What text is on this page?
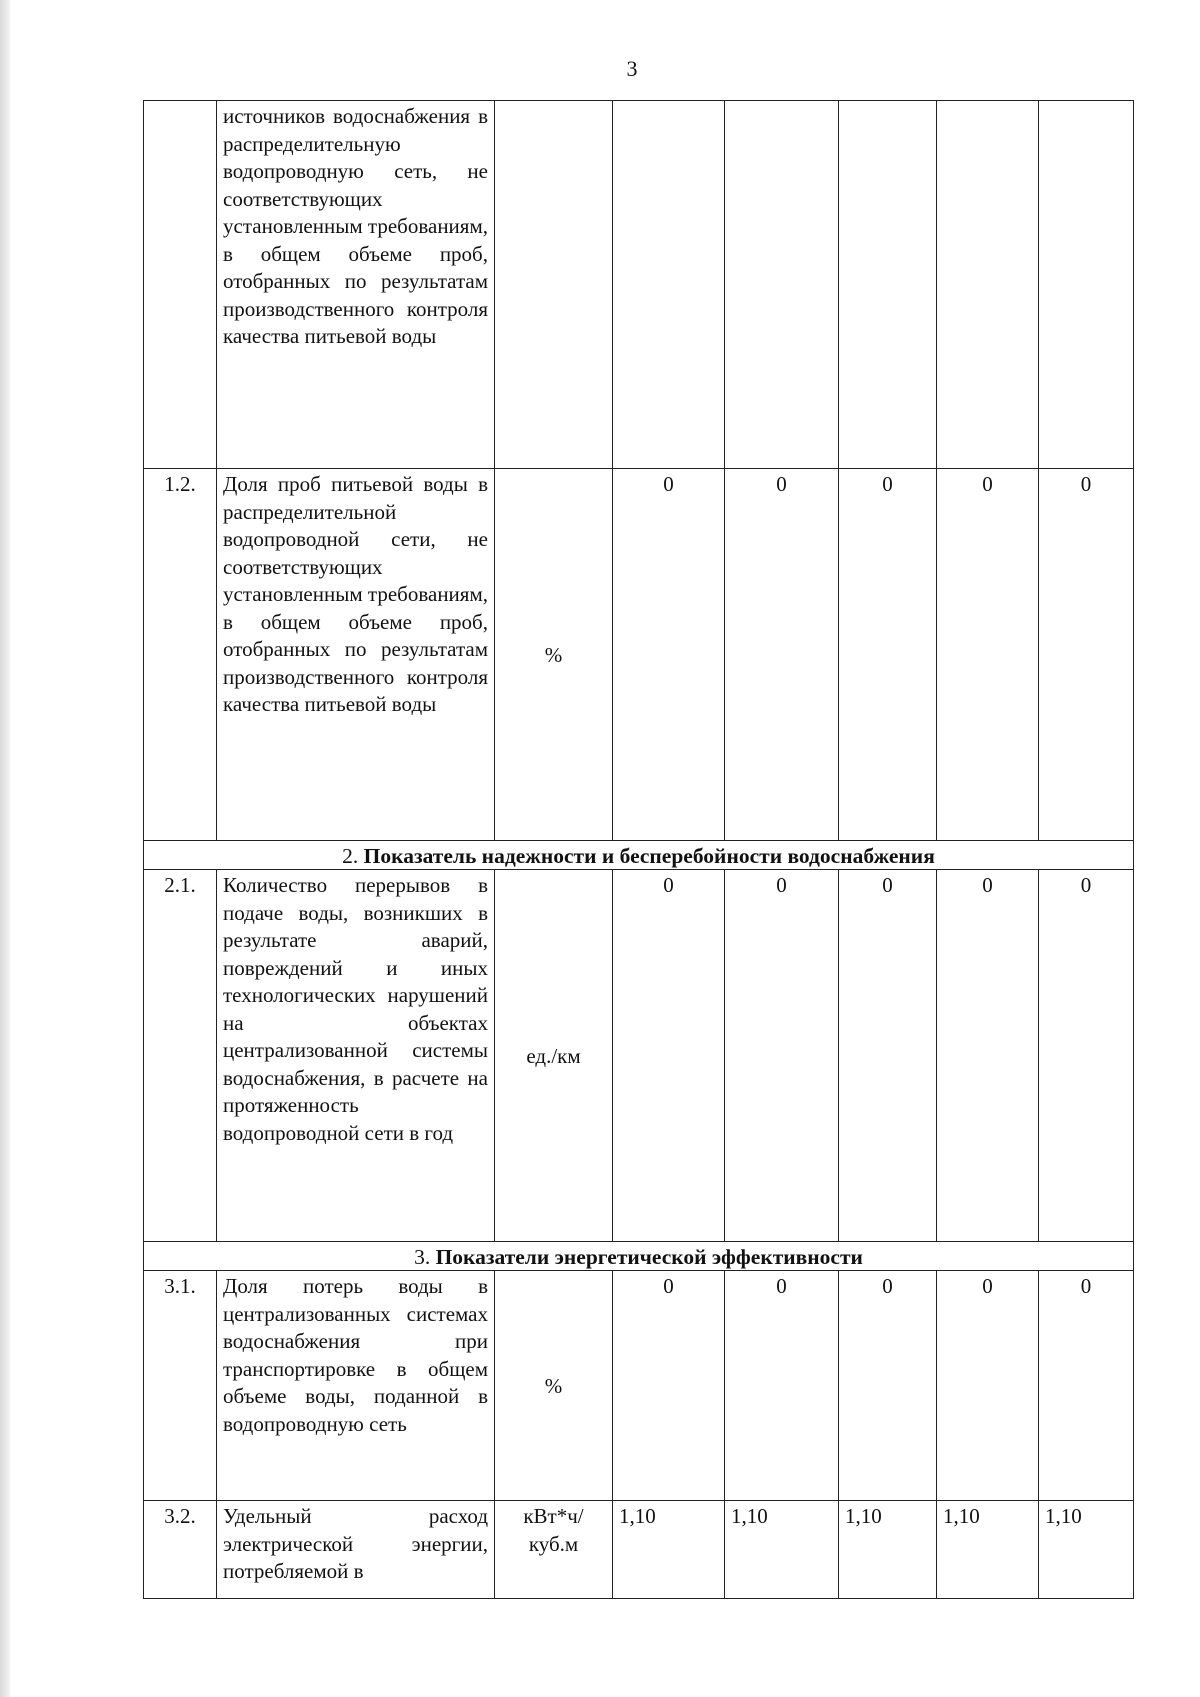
3
	источников водоснабжения в распределительную водопроводную сеть, не соответствующих установленным требованиям, в общем объеме проб, отобранных по результатам производственного контроля качества питьевой воды						
1.2.	Доля проб питьевой воды в распределительной водопроводной сети, не соответствующих установленным требованиям, в общем объеме проб, отобранных по результатам производственного контроля качества питьевой воды	%	0	0	0	0	0
2. Показатель надежности и бесперебойности водоснабжения							
2.1.	Количество перерывов в подаче воды, возникших в результате аварий, повреждений и иных технологических нарушений на объектах централизованной системы водоснабжения, в расчете на протяженность водопроводной сети в год	ед./км	0	0	0	0	0
3. Показатели энергетической эффективности							
3.1.	Доля потерь воды в централизованных системах водоснабжения при транспортировке в общем объеме воды, поданной в водопроводную сеть	%	0	0	0	0	0
3.2.	Удельный расход электрической энергии, потребляемой в	кВт*ч/ куб.м	1,10	1,10	1,10	1,10	1,10
